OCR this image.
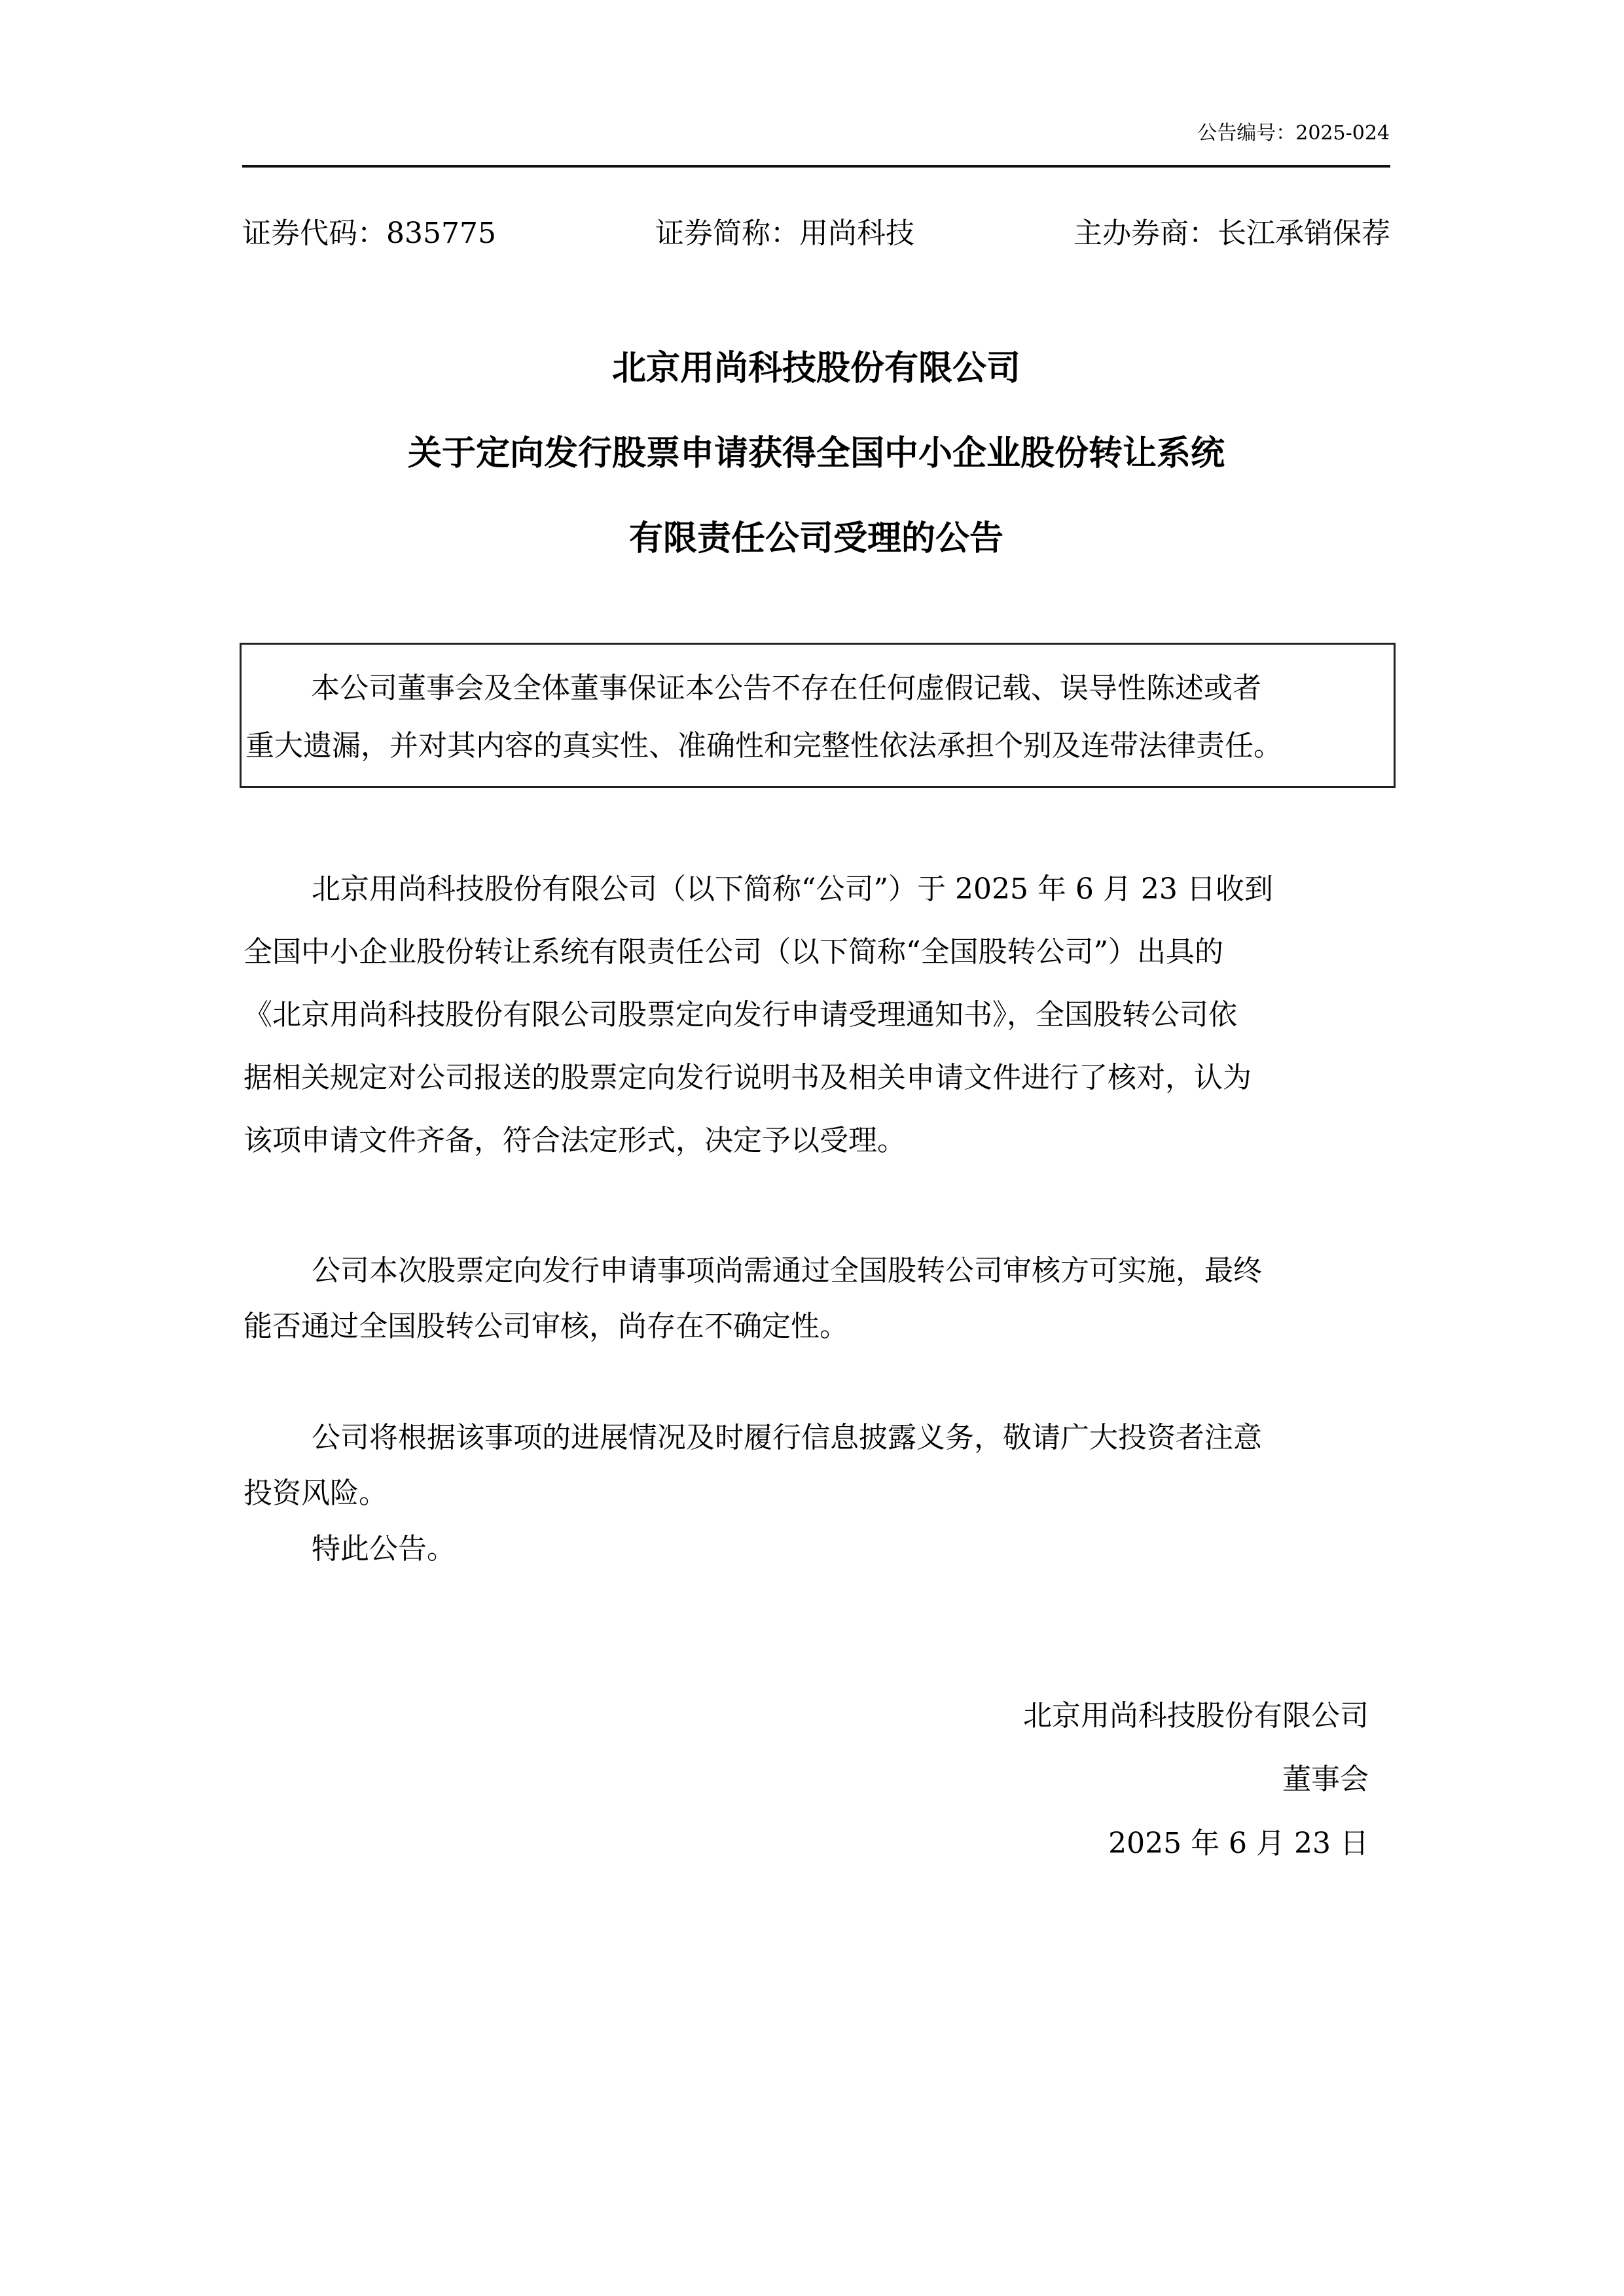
公告编号：2025-024
证券代码：835775	证券简称：用尚科技	主办券商：长江承销保荐
北京用尚科技股份有限公司
关于定向发行股票申请获得全国中小企业股份转让系统
有限责任公司受理的公告
本公司董事会及全体董事保证本公告不存在任何虚假记载、误导性陈述或者
重大遗漏，并对其内容的真实性、准确性和完整性依法承担个别及连带法律责任。
北京用尚科技股份有限公司（以下简称“公司”）于 2025 年 6 月 23 日收到
全国中小企业股份转让系统有限责任公司（以下简称“全国股转公司”）出具的
《北京用尚科技股份有限公司股票定向发行申请受理通知书》，全国股转公司依
据相关规定对公司报送的股票定向发行说明书及相关申请文件进行了核对，认为
该项申请文件齐备，符合法定形式，决定予以受理。
公司本次股票定向发行申请事项尚需通过全国股转公司审核方可实施，最终
能否通过全国股转公司审核，尚存在不确定性。
公司将根据该事项的进展情况及时履行信息披露义务，敬请广大投资者注意
投资风险。
特此公告。
北京用尚科技股份有限公司
董事会
2025 年 6 月 23 日
